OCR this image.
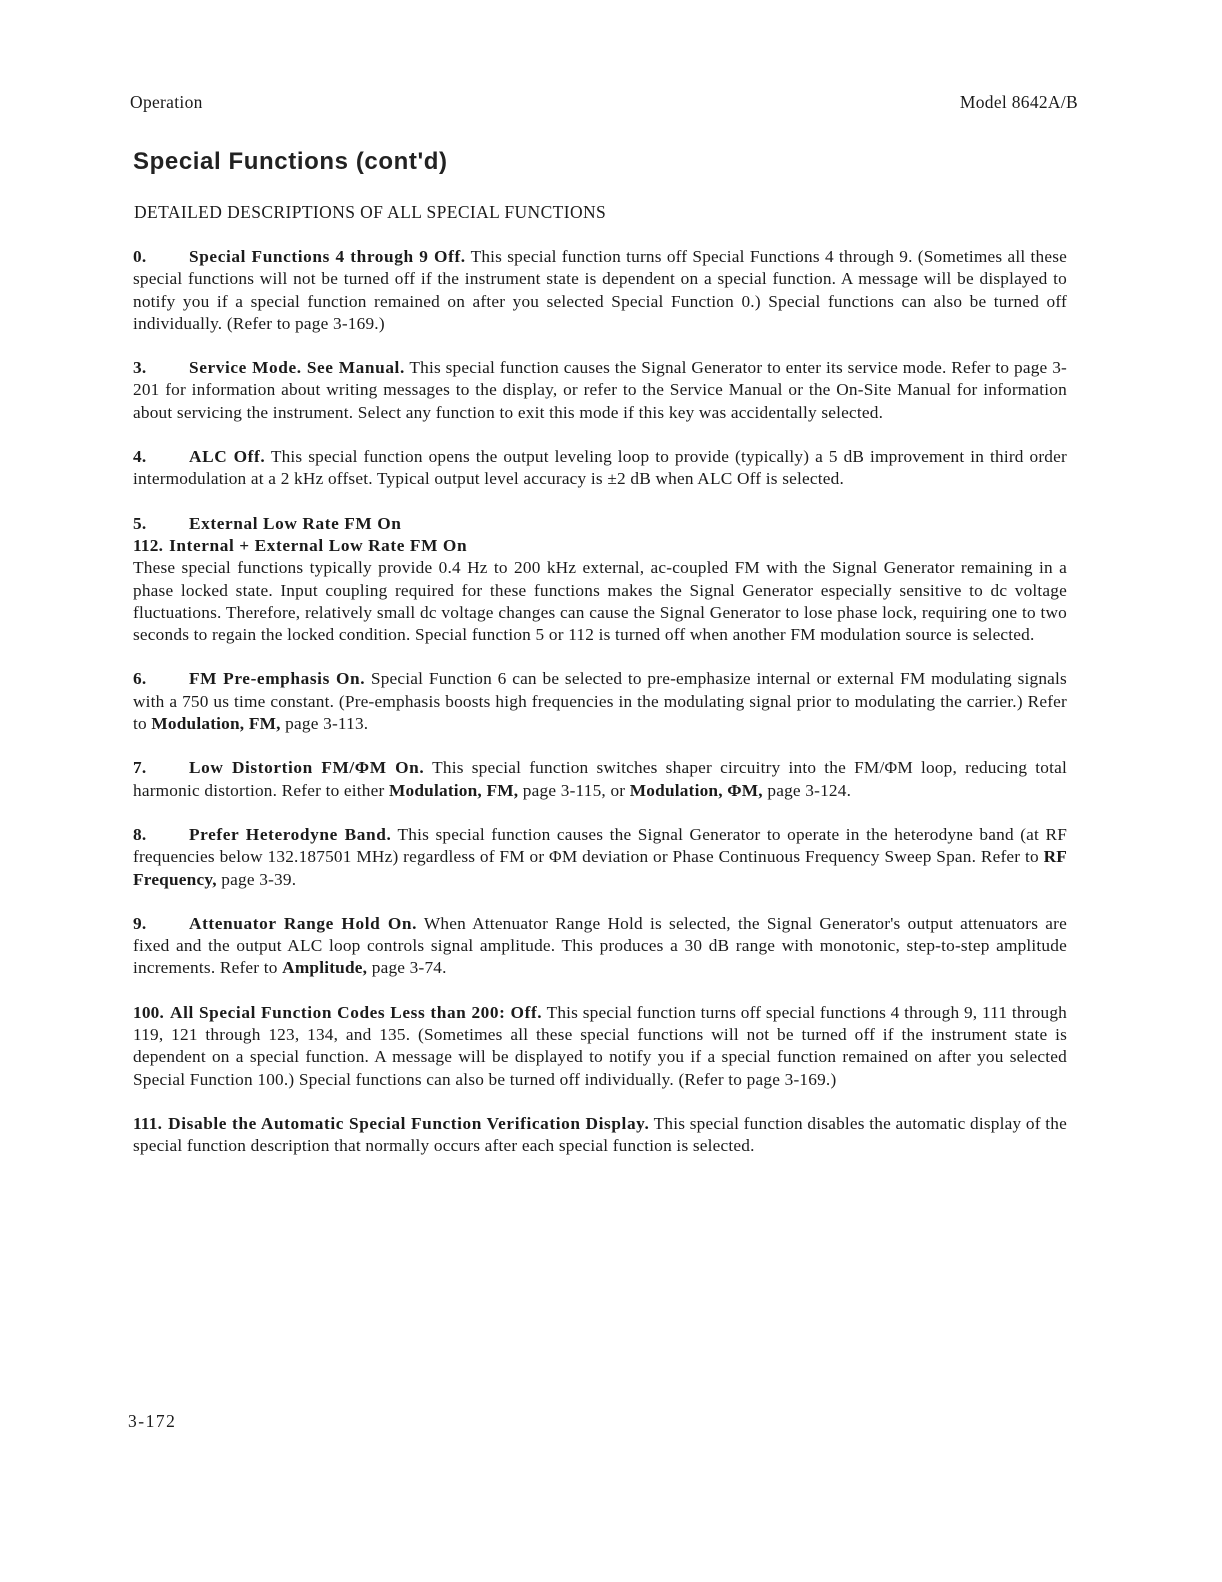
Operation	Model 8642A/B
Special Functions (cont'd)
DETAILED DESCRIPTIONS OF ALL SPECIAL FUNCTIONS

0. Special Functions 4 through 9 Off. This special function turns off Special Functions 4 through 9. (Sometimes all these special functions will not be turned off if the instrument state is dependent on a special function. A message will be displayed to notify you if a special function remained on after you selected Special Function 0.) Special functions can also be turned off individually. (Refer to page 3-169.)

3. Service Mode. See Manual. This special function causes the Signal Generator to enter its service mode. Refer to page 3-201 for information about writing messages to the display, or refer to the Service Manual or the On-Site Manual for information about servicing the instrument. Select any function to exit this mode if this key was accidentally selected.

4. ALC Off. This special function opens the output leveling loop to provide (typically) a 5 dB improvement in third order intermodulation at a 2 kHz offset. Typical output level accuracy is ±2 dB when ALC Off is selected.

5. External Low Rate FM On
112. Internal + External Low Rate FM On
These special functions typically provide 0.4 Hz to 200 kHz external, ac-coupled FM with the Signal Generator remaining in a phase locked state. Input coupling required for these functions makes the Signal Generator especially sensitive to dc voltage fluctuations. Therefore, relatively small dc voltage changes can cause the Signal Generator to lose phase lock, requiring one to two seconds to regain the locked condition. Special function 5 or 112 is turned off when another FM modulation source is selected.

6. FM Pre-emphasis On. Special Function 6 can be selected to pre-emphasize internal or external FM modulating signals with a 750 us time constant. (Pre-emphasis boosts high frequencies in the modulating signal prior to modulating the carrier.) Refer to Modulation, FM, page 3-113.

7. Low Distortion FM/ΦM On. This special function switches shaper circuitry into the FM/ΦM loop, reducing total harmonic distortion. Refer to either Modulation, FM, page 3-115, or Modulation, ΦM, page 3-124.

8. Prefer Heterodyne Band. This special function causes the Signal Generator to operate in the heterodyne band (at RF frequencies below 132.187501 MHz) regardless of FM or ΦM deviation or Phase Continuous Frequency Sweep Span. Refer to RF Frequency, page 3-39.

9. Attenuator Range Hold On. When Attenuator Range Hold is selected, the Signal Generator's output attenuators are fixed and the output ALC loop controls signal amplitude. This produces a 30 dB range with monotonic, step-to-step amplitude increments. Refer to Amplitude, page 3-74.

100. All Special Function Codes Less than 200: Off. This special function turns off special functions 4 through 9, 111 through 119, 121 through 123, 134, and 135. (Sometimes all these special functions will not be turned off if the instrument state is dependent on a special function. A message will be displayed to notify you if a special function remained on after you selected Special Function 100.) Special functions can also be turned off individually. (Refer to page 3-169.)

111. Disable the Automatic Special Function Verification Display. This special function disables the automatic display of the special function description that normally occurs after each special function is selected.

3-172
